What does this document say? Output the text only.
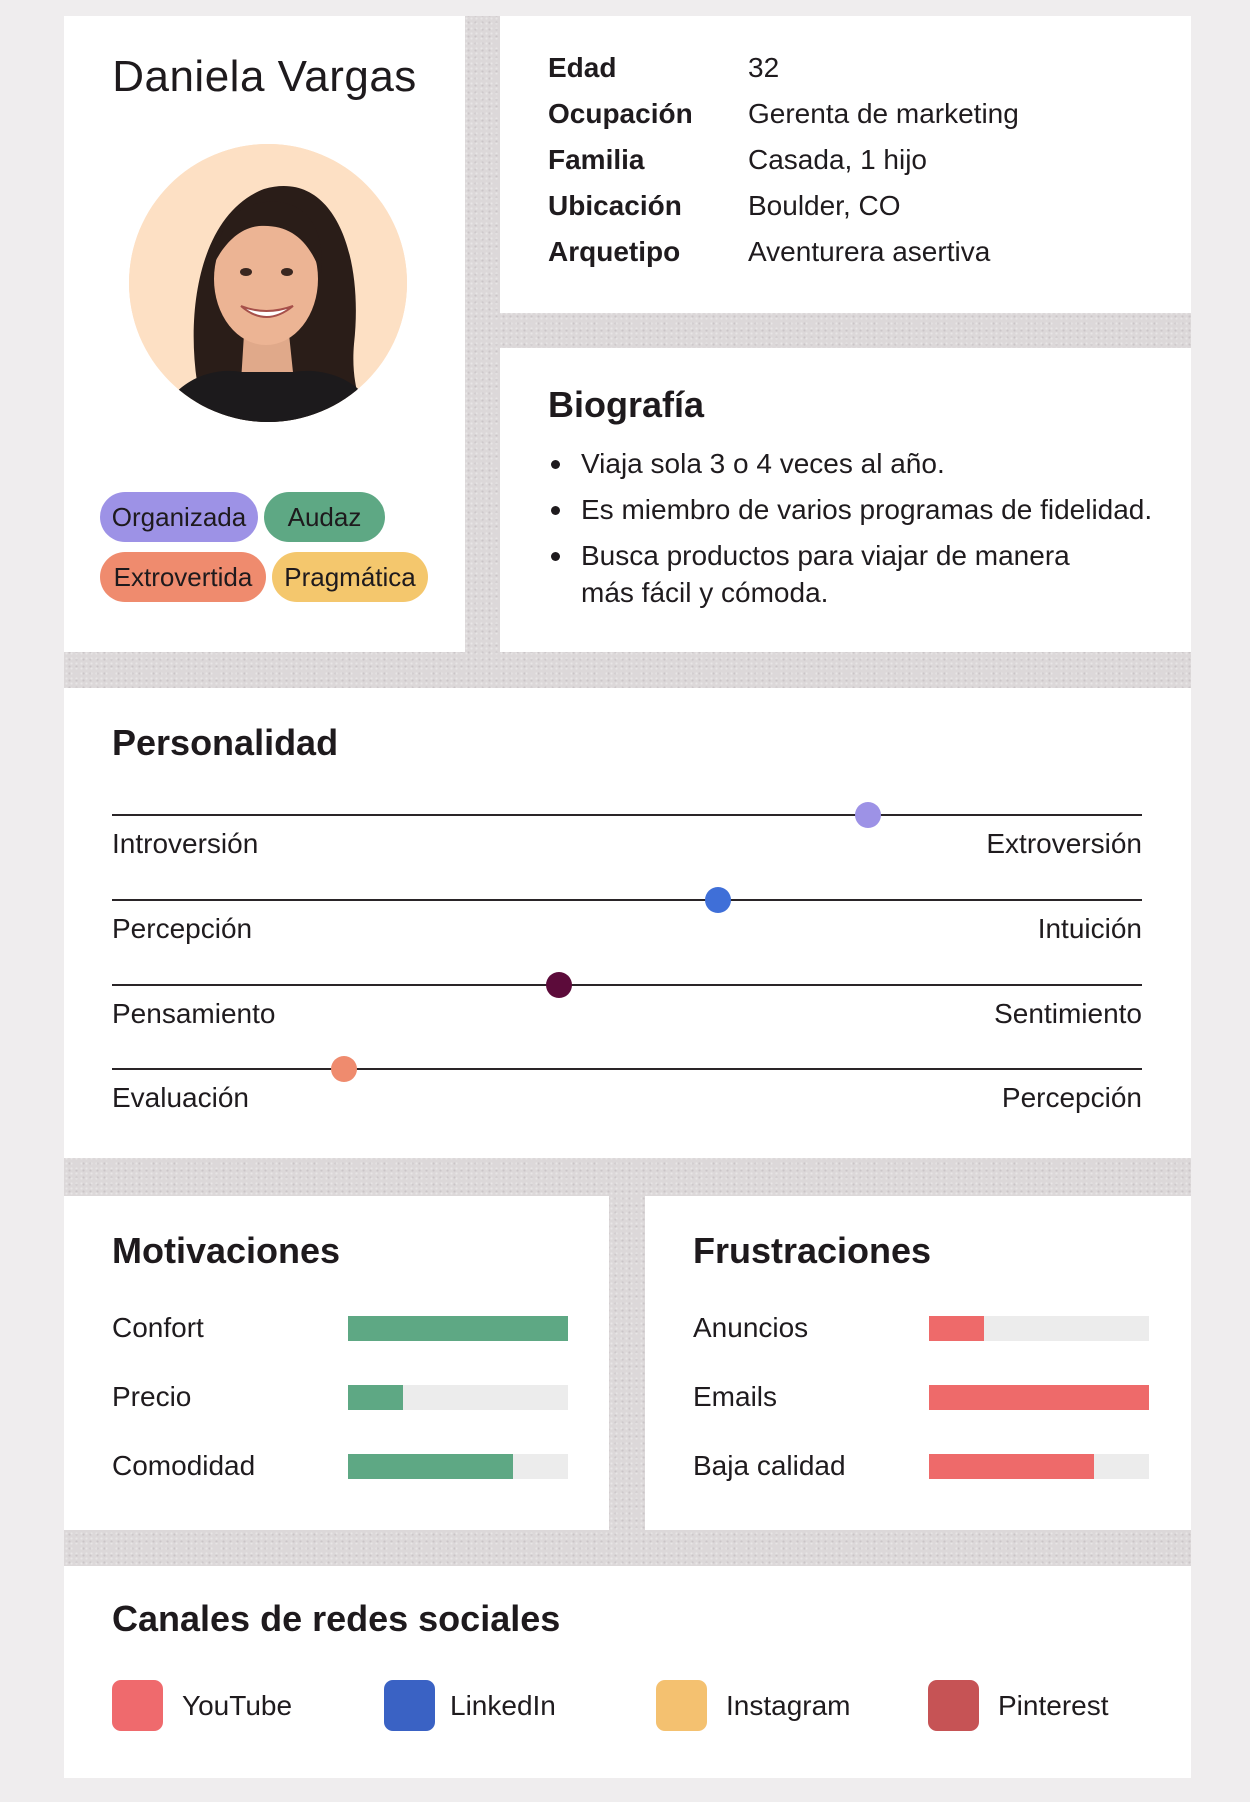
Daniela Vargas
Organizada	Audaz
Extrovertida	Pragmática
Edad	32
Ocupación	Gerenta de marketing
Familia	Casada, 1 hijo
Ubicación	Boulder, CO
Arquetipo	Aventurera asertiva
Biografía
Viaja sola 3 o 4 veces al año.
Es miembro de varios programas de fidelidad.
Busca productos para viajar de manera más fácil y cómoda.
Personalidad
Introversión	Extroversión
Percepción	Intuición
Pensamiento	Sentimiento
Evaluación	Percepción
Motivaciones
Confort
Precio
Comodidad
Frustraciones
Anuncios
Emails
Baja calidad
Canales de redes sociales
YouTube	LinkedIn	Instagram	Pinterest
